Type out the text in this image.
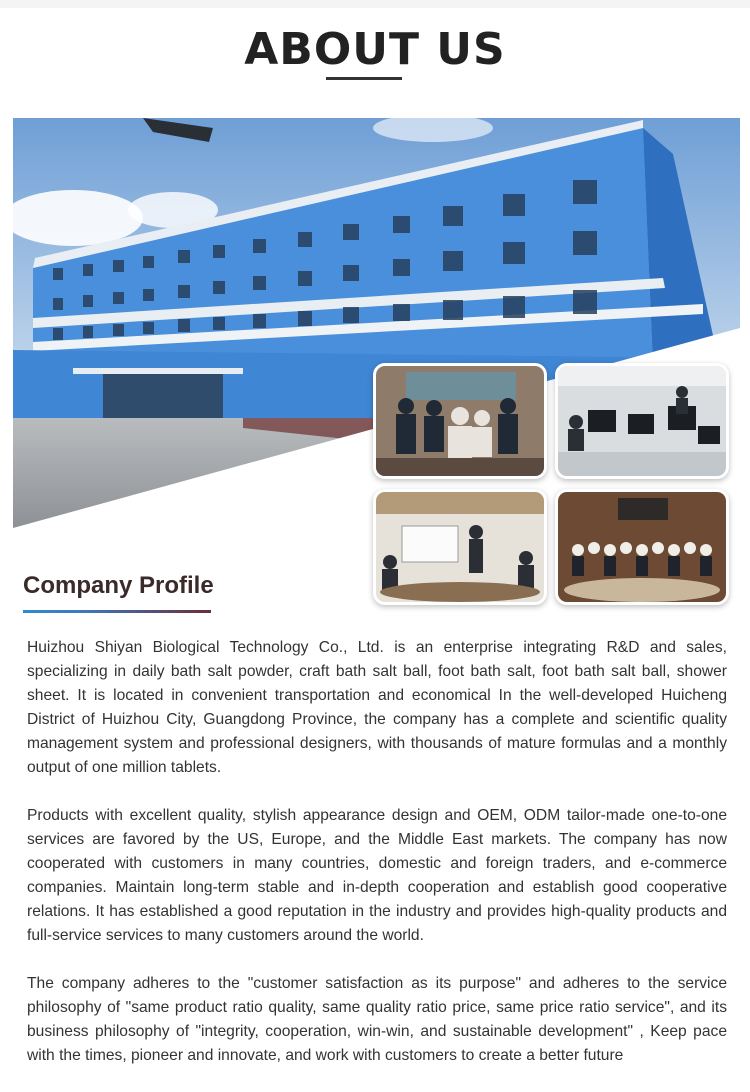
ABOUT US
Company Profile

Huizhou Shiyan Biological Technology Co., Ltd. is an enterprise integrating R&D and sales, specializing in daily bath salt powder, craft bath salt ball, foot bath salt, foot bath salt ball, shower sheet. It is located in convenient transportation and economical In the well-developed Huicheng District of Huizhou City, Guangdong Province, the company has a complete and scientific quality management system and professional designers, with thousands of mature formulas and a monthly output of one million tablets.

Products with excellent quality, stylish appearance design and OEM, ODM tailor-made one-to-one services are favored by the US, Europe, and the Middle East markets. The company has now cooperated with customers in many countries, domestic and foreign traders, and e-commerce companies. Maintain long-term stable and in-depth cooperation and establish good cooperative relations. It has established a good reputation in the industry and provides high-quality products and full-service services to many customers around the world.

The company adheres to the "customer satisfaction as its purpose" and adheres to the service philosophy of "same product ratio quality, same quality ratio price, same price ratio service", and its business philosophy of "integrity, cooperation, win-win, and sustainable development" , Keep pace with the times, pioneer and innovate, and work with customers to create a better future
